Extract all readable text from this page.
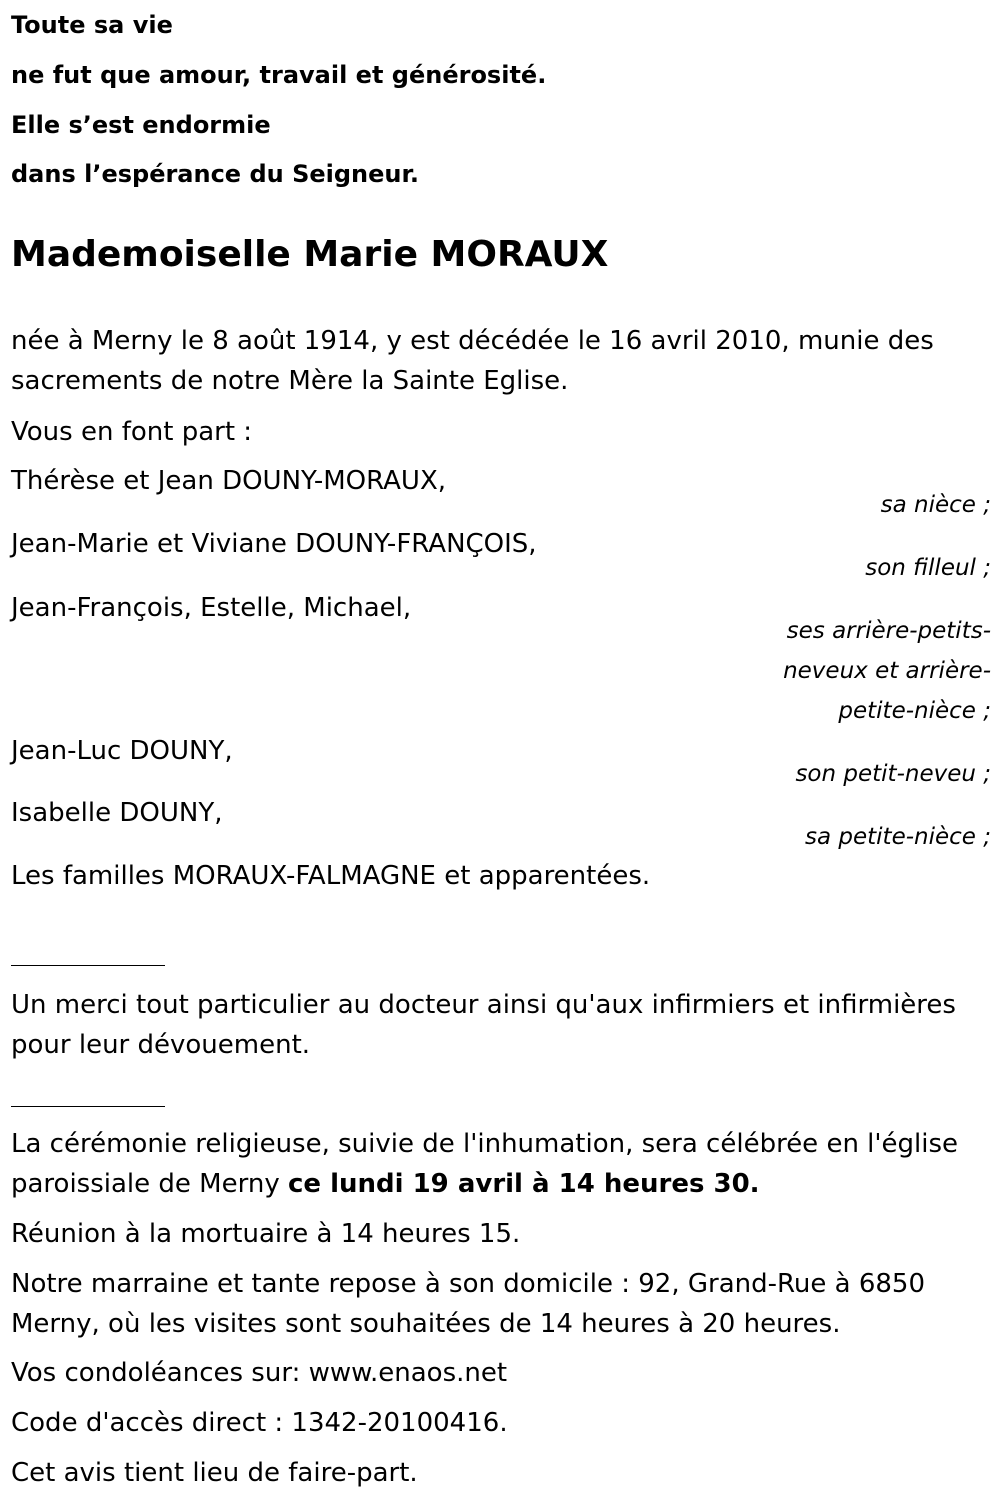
Toute sa vie
ne fut que amour, travail et générosité.
Elle s’est endormie
dans l’espérance du Seigneur.
Mademoiselle Marie MORAUX
née à Merny le 8 août 1914, y est décédée le 16 avril 2010, munie des sacrements de notre Mère la Sainte Eglise.
Vous en font part :
Thérèse et Jean DOUNY-MORAUX,
sa nièce ;
Jean-Marie et Viviane DOUNY-FRANÇOIS,
son filleul ;
Jean-François, Estelle, Michael,
ses arrière-petits-neveux et arrière-petite-nièce ;
Jean-Luc DOUNY,
son petit-neveu ;
Isabelle DOUNY,
sa petite-nièce ;
Les familles MORAUX-FALMAGNE et apparentées.
Un merci tout particulier au docteur ainsi qu'aux infirmiers et infirmières pour leur dévouement.
La cérémonie religieuse, suivie de l'inhumation, sera célébrée en l'église paroissiale de Merny ce lundi 19 avril à 14 heures 30.
Réunion à la mortuaire à 14 heures 15.
Notre marraine et tante repose à son domicile : 92, Grand-Rue à 6850 Merny, où les visites sont souhaitées de 14 heures à 20 heures.
Vos condoléances sur: www.enaos.net
Code d'accès direct : 1342-20100416.
Cet avis tient lieu de faire-part.
